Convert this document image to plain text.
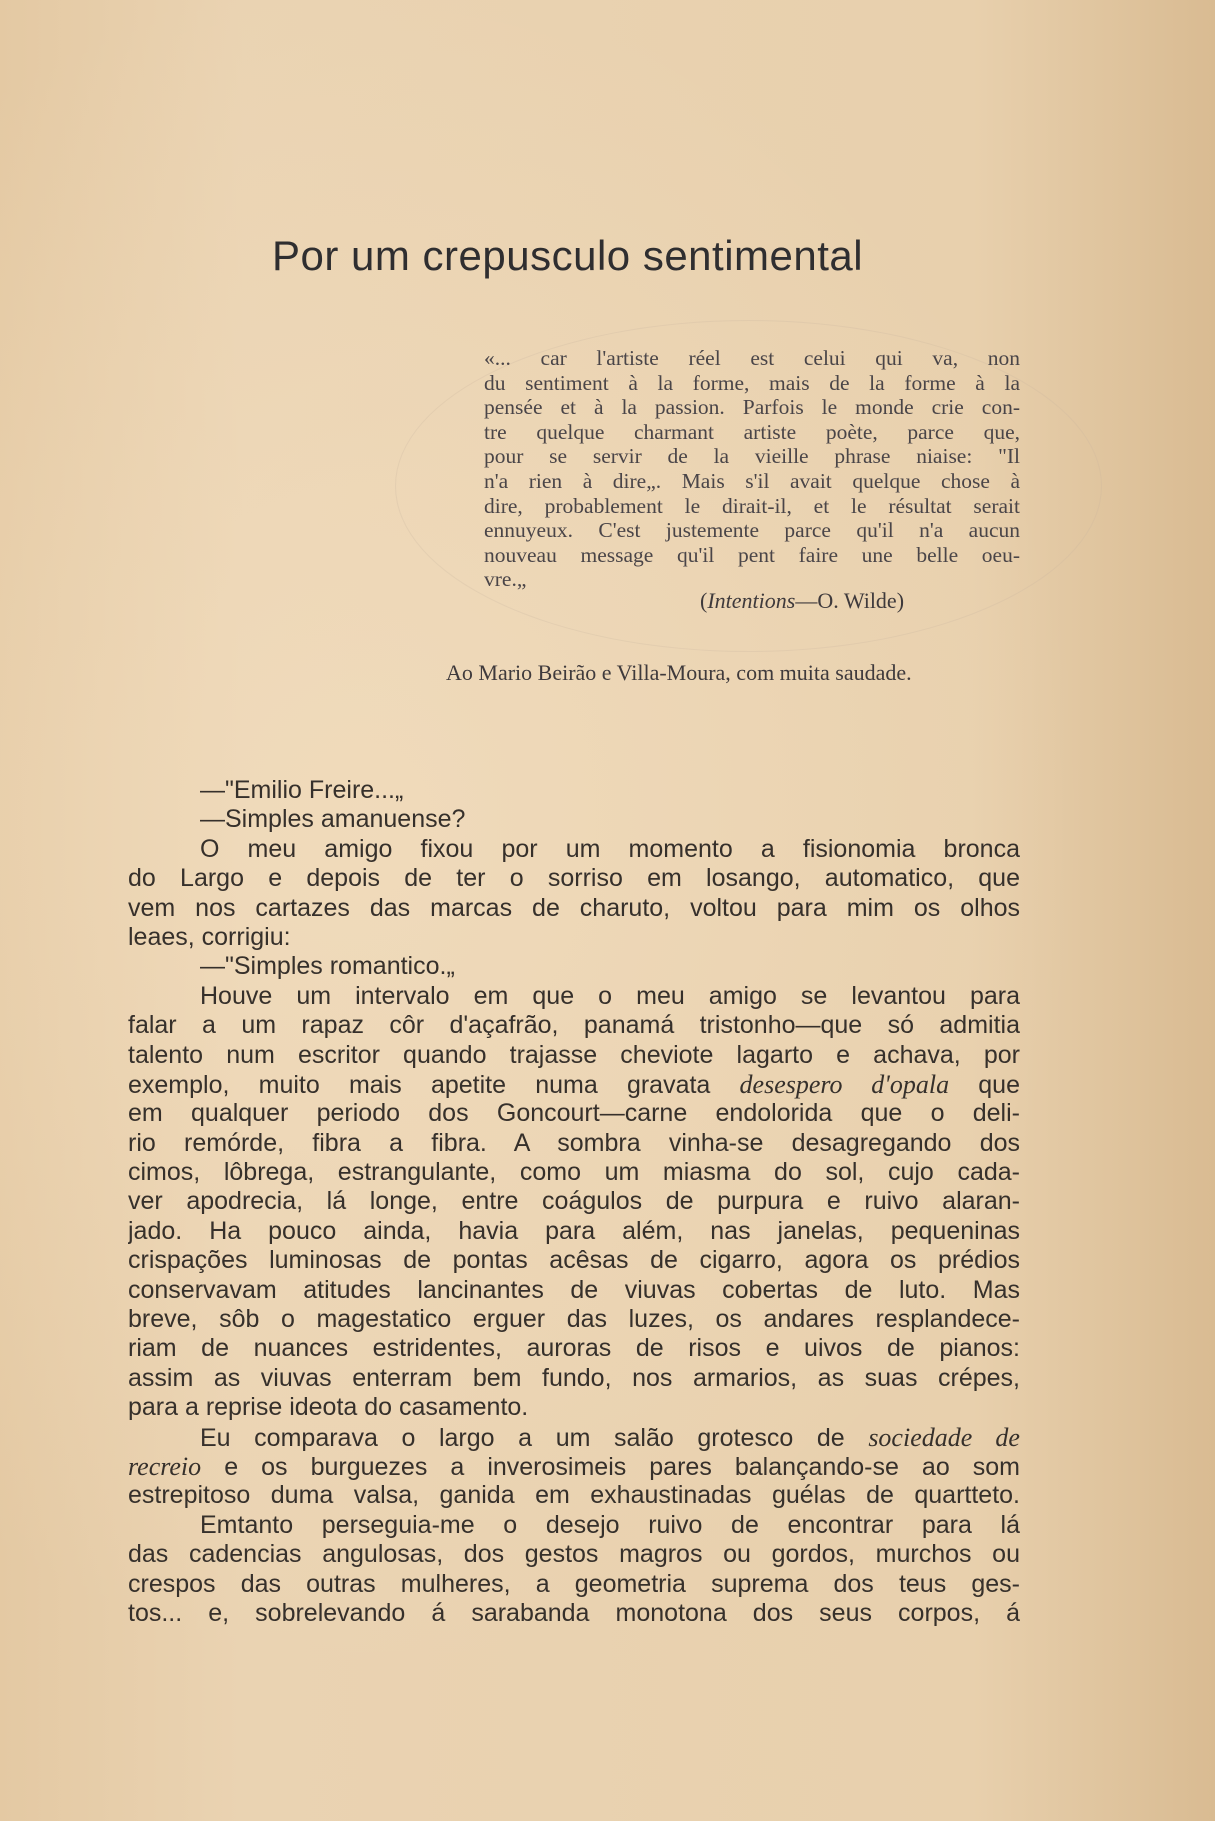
Por um crepusculo sentimental
«... car l'artiste réel est celui qui va, non
du sentiment à la forme, mais de la forme à la
pensée et à la passion. Parfois le monde crie con-
tre quelque charmant artiste poète, parce que,
pour se servir de la vieille phrase niaise: "Il
n'a rien à dire„. Mais s'il avait quelque chose à
dire, probablement le dirait-il, et le résultat serait
ennuyeux. C'est justemente parce qu'il n'a aucun
nouveau message qu'il pent faire une belle oeu-
vre.„
(Intentions—O. Wilde)
Ao Mario Beirão e Villa-Moura, com muita saudade.
—"Emilio Freire...„
—Simples amanuense?
O meu amigo fixou por um momento a fisionomia bronca
do Largo e depois de ter o sorriso em losango, automatico, que
vem nos cartazes das marcas de charuto, voltou para mim os olhos
leaes, corrigiu:
—"Simples romantico.„
Houve um intervalo em que o meu amigo se levantou para
falar a um rapaz côr d'açafrão, panamá tristonho—que só admitia
talento num escritor quando trajasse cheviote lagarto e achava, por
exemplo, muito mais apetite numa gravata desespero d'opala que
em qualquer periodo dos Goncourt—carne endolorida que o deli-
rio remórde, fibra a fibra. A sombra vinha-se desagregando dos
cimos, lôbrega, estrangulante, como um miasma do sol, cujo cada-
ver apodrecia, lá longe, entre coágulos de purpura e ruivo alaran-
jado. Ha pouco ainda, havia para além, nas janelas, pequeninas
crispações luminosas de pontas acêsas de cigarro, agora os prédios
conservavam atitudes lancinantes de viuvas cobertas de luto. Mas
breve, sôb o magestatico erguer das luzes, os andares resplandece-
riam de nuances estridentes, auroras de risos e uivos de pianos:
assim as viuvas enterram bem fundo, nos armarios, as suas crépes,
para a reprise ideota do casamento.
Eu comparava o largo a um salão grotesco de sociedade de
recreio e os burguezes a inverosimeis pares balançando-se ao som
estrepitoso duma valsa, ganida em exhaustinadas guélas de quartteto.
Emtanto perseguia-me o desejo ruivo de encontrar para lá
das cadencias angulosas, dos gestos magros ou gordos, murchos ou
crespos das outras mulheres, a geometria suprema dos teus ges-
tos... e, sobrelevando á sarabanda monotona dos seus corpos, á
